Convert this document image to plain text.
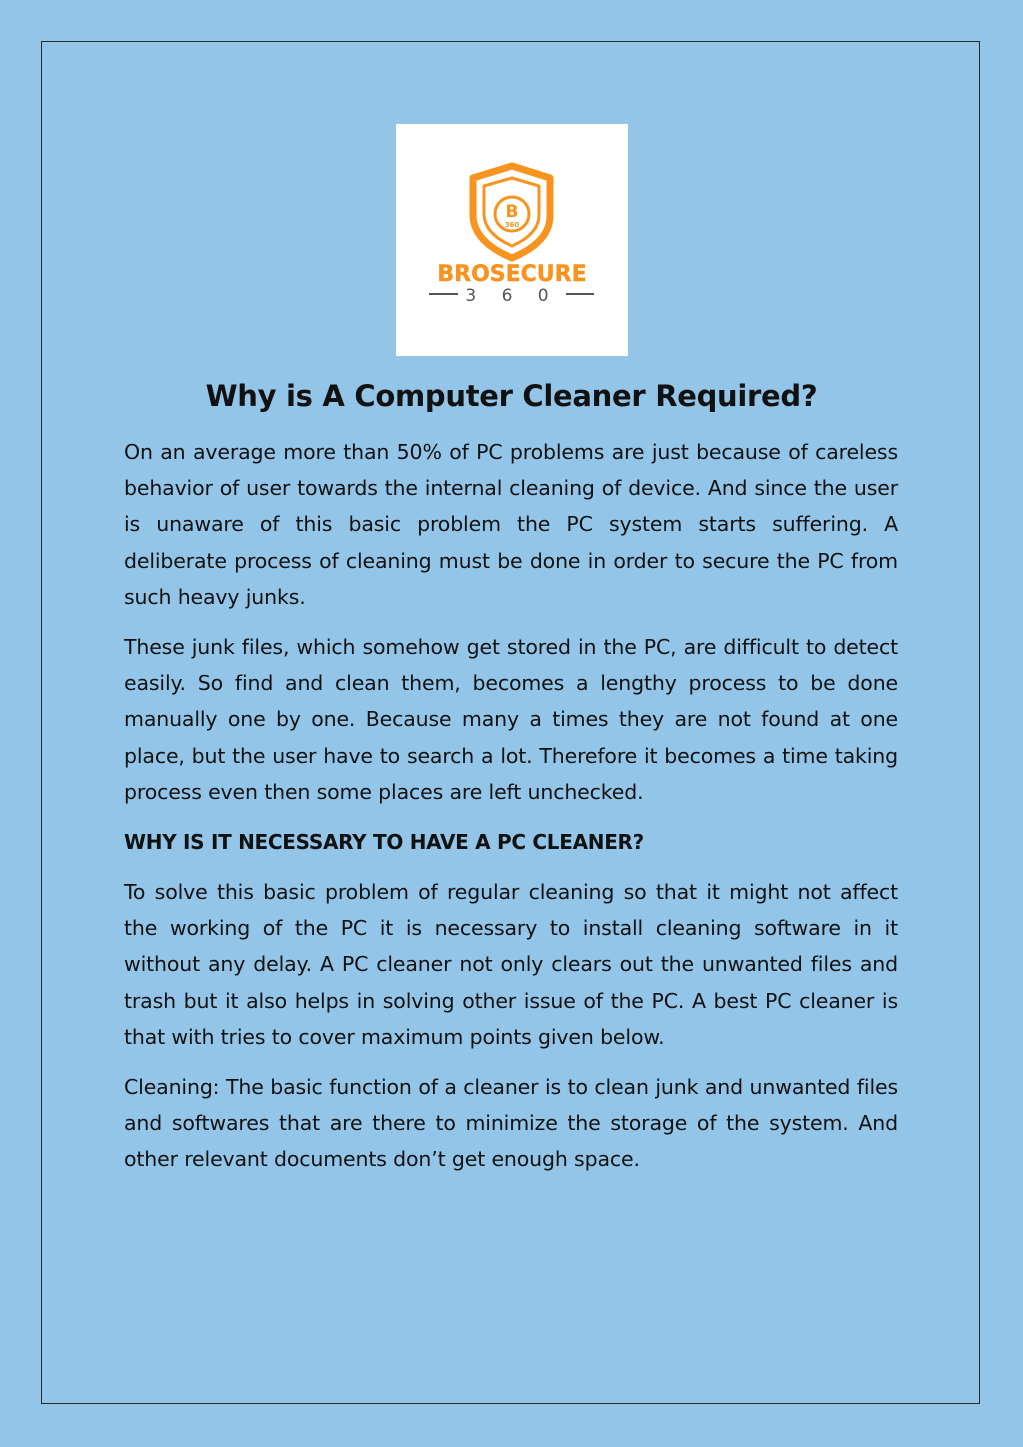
B
360
BROSECURE
3 6 0
Why is A Computer Cleaner Required?

On an average more than 50% of PC problems are just because of careless behavior of user towards the internal cleaning of device. And since the user is unaware of this basic problem the PC system starts suffering. A deliberate process of cleaning must be done in order to secure the PC from such heavy junks.

These junk files, which somehow get stored in the PC, are difficult to detect easily. So find and clean them, becomes a lengthy process to be done manually one by one. Because many a times they are not found at one place, but the user have to search a lot. Therefore it becomes a time taking process even then some places are left unchecked.

WHY IS IT NECESSARY TO HAVE A PC CLEANER?

To solve this basic problem of regular cleaning so that it might not affect the working of the PC it is necessary to install cleaning software in it without any delay. A PC cleaner not only clears out the unwanted files and trash but it also helps in solving other issue of the PC. A best PC cleaner is that with tries to cover maximum points given below.

Cleaning: The basic function of a cleaner is to clean junk and unwanted files and softwares that are there to minimize the storage of the system. And other relevant documents don’t get enough space.
